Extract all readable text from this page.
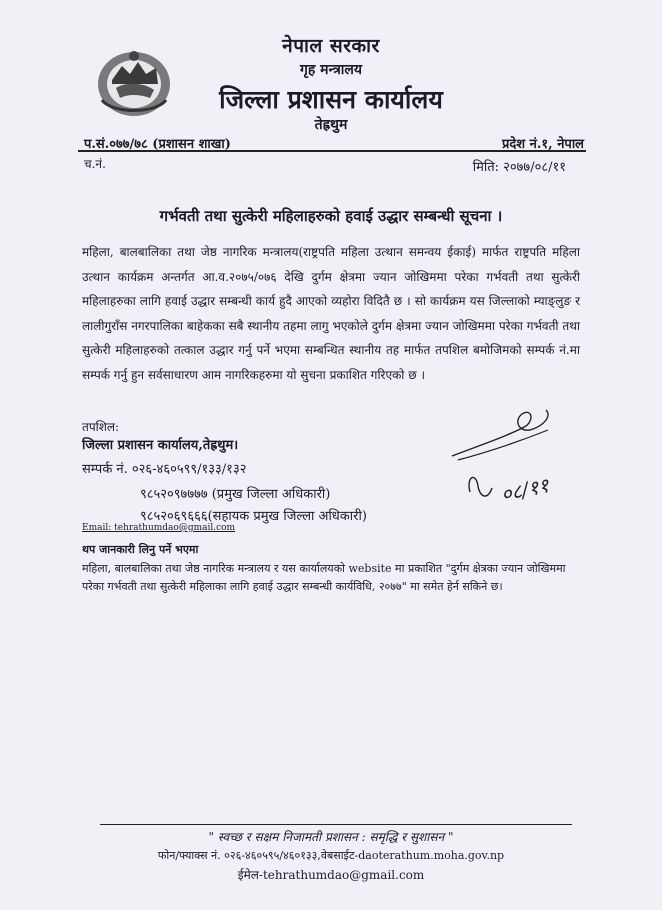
नेपाल सरकार
गृह मन्त्रालय
जिल्ला प्रशासन कार्यालय
तेह्रथुम
प.सं.०७७/७८ (प्रशासन शाखा)	प्रदेश नं.१, नेपाल
च.नं.	मिति: २०७७/०८/११
गर्भवती तथा सुत्केरी महिलाहरुको हवाई उद्धार सम्बन्धी सूचना ।
महिला, बालबालिका तथा जेष्ठ नागरिक मन्त्रालय(राष्ट्रपति महिला उत्थान समन्वय ईकाई) मार्फत राष्ट्रपति महिला उत्थान कार्यक्रम अन्तर्गत आ.व.२०७५/०७६ देखि दुर्गम क्षेत्रमा ज्यान जोखिममा परेका गर्भवती तथा सुत्केरी महिलाहरुका लागि हवाई उद्धार सम्बन्धी कार्य हुदै आएको व्यहोरा विदितै छ । सो कार्यक्रम यस जिल्लाको म्याङ्लुङ र लालीगुराँस नगरपालिका बाहेकका सबै स्थानीय तहमा लागु भएकोले दुर्गम क्षेत्रमा ज्यान जोखिममा परेका गर्भवती तथा सुत्केरी महिलाहरुको तत्काल उद्धार गर्नु पर्ने भएमा सम्बन्धित स्थानीय तह मार्फत तपशिल बमोजिमको सम्पर्क नं.मा सम्पर्क गर्नु हुन सर्वसाधारण आम नागरिकहरुमा यो सुचना प्रकाशित गरिएको छ ।
तपशिल:
जिल्ला प्रशासन कार्यालय,तेह्रथुम।
सम्पर्क नं. ०२६-४६०५९९/१३३/१३२
९८५२०९७७७७ (प्रमुख जिल्ला अधिकारी)
९८५२०६९६६६(सहायक प्रमुख जिल्ला अधिकारी)
Email: tehrathumdao@gmail.com
०८/११
थप जानकारी लिनु पर्ने भएमा
महिला, बालबालिका तथा जेष्ठ नागरिक मन्त्रालय र यस कार्यालयको website मा प्रकाशित "दुर्गम क्षेत्रका ज्यान जोखिममा परेका गर्भवती तथा सुत्केरी महिलाका लागि हवाई उद्धार सम्बन्धी कार्यविधि, २०७७" मा समेत हेर्न सकिने छ।
" स्वच्छ र सक्षम निजामती प्रशासन : समृद्धि र सुशासन "
फोन/फ्याक्स नं. ०२६-४६०५९५/४६०१३३,वेबसाईट-daoterathum.moha.gov.np
ईमेल-tehrathumdao@gmail.com
